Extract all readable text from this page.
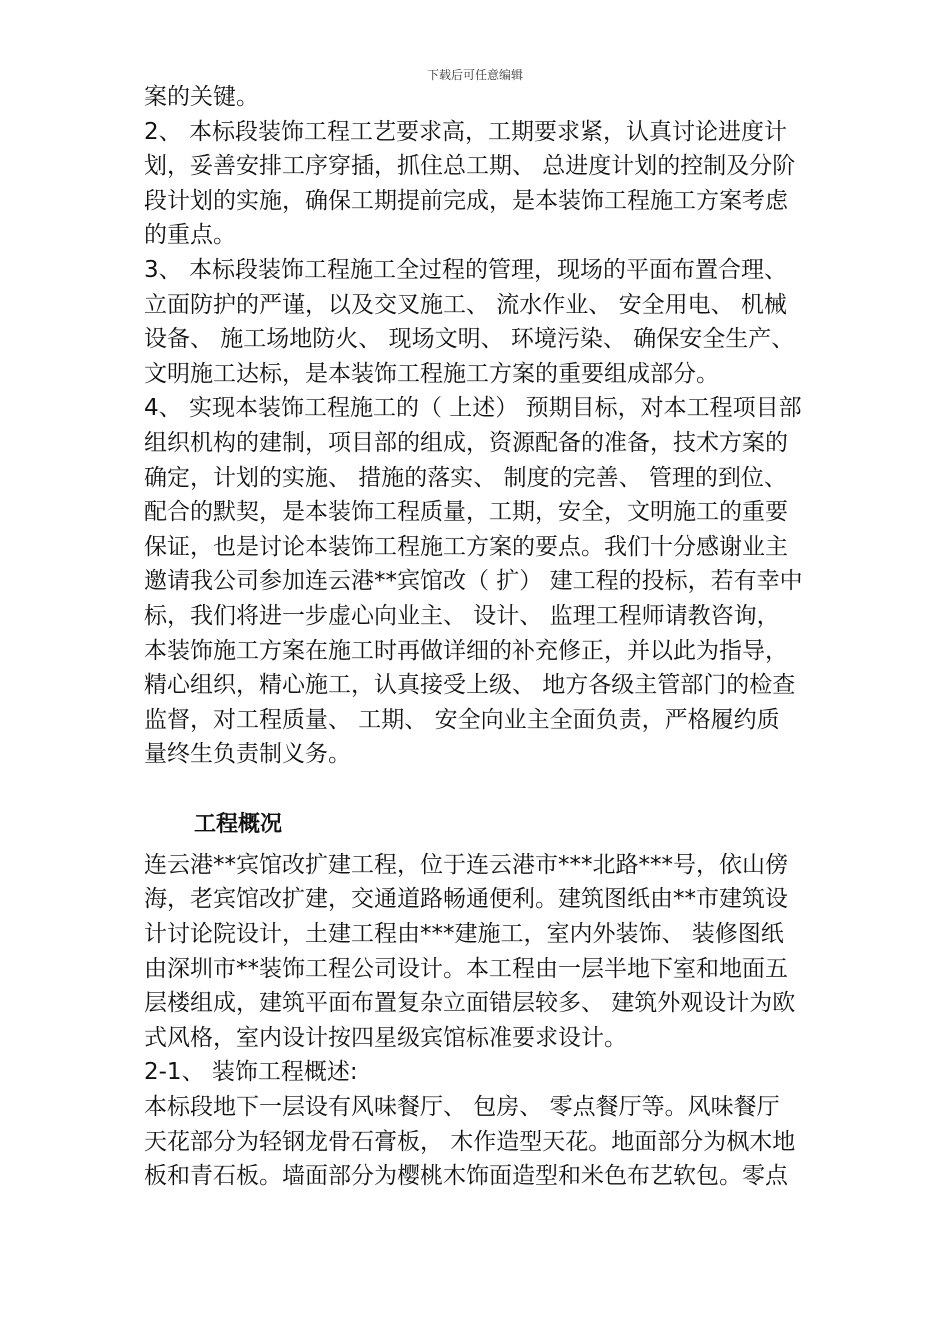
下载后可任意编辑
案的关键。
2、 本标段装饰工程工艺要求高，工期要求紧，认真讨论进度计
划，妥善安排工序穿插，抓住总工期、 总进度计划的控制及分阶
段计划的实施，确保工期提前完成，是本装饰工程施工方案考虑
的重点。
3、 本标段装饰工程施工全过程的管理，现场的平面布置合理、
立面防护的严谨，以及交叉施工、 流水作业、 安全用电、 机械
设备、 施工场地防火、 现场文明、 环境污染、 确保安全生产、
文明施工达标，是本装饰工程施工方案的重要组成部分。
4、 实现本装饰工程施工的（ 上述） 预期目标，对本工程项目部
组织机构的建制，项目部的组成，资源配备的准备，技术方案的
确定，计划的实施、 措施的落实、 制度的完善、 管理的到位、
配合的默契，是本装饰工程质量，工期，安全，文明施工的重要
保证，也是讨论本装饰工程施工方案的要点。我们十分感谢业主
邀请我公司参加连云港**宾馆改（ 扩） 建工程的投标，若有幸中
标，我们将进一步虚心向业主、 设计、 监理工程师请教咨询，
本装饰施工方案在施工时再做详细的补充修正，并以此为指导，
精心组织，精心施工，认真接受上级、 地方各级主管部门的检查
监督，对工程质量、 工期、 安全向业主全面负责，严格履约质
量终生负责制义务。
工程概况
连云港**宾馆改扩建工程，位于连云港市***北路***号，依山傍
海，老宾馆改扩建，交通道路畅通便利。建筑图纸由**市建筑设
计讨论院设计，土建工程由***建施工，室内外装饰、 装修图纸
由深圳市**装饰工程公司设计。本工程由一层半地下室和地面五
层楼组成，建筑平面布置复杂立面错层较多、 建筑外观设计为欧
式风格，室内设计按四星级宾馆标准要求设计。
2-1、 装饰工程概述:
本标段地下一层设有风味餐厅、 包房、 零点餐厅等。风味餐厅
天花部分为轻钢龙骨石膏板， 木作造型天花。地面部分为枫木地
板和青石板。墙面部分为樱桃木饰面造型和米色布艺软包。零点
